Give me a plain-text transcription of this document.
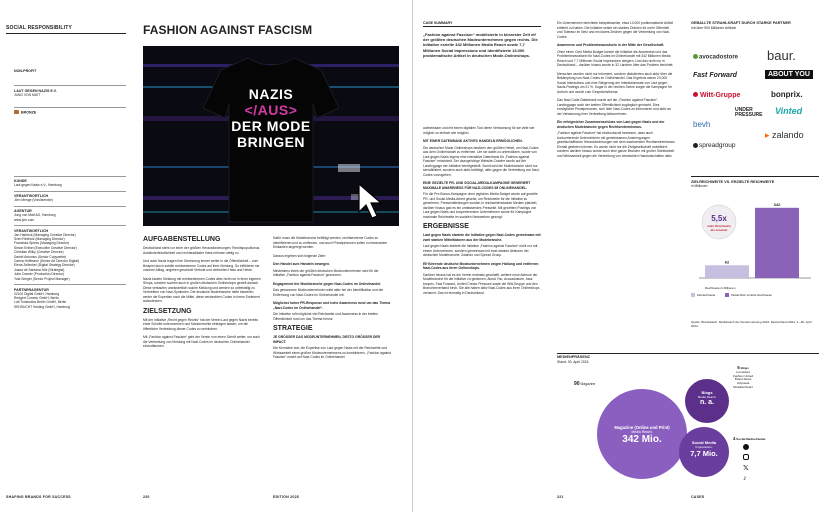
SOCIAL RESPONSIBILITY
NON-PROFIT
LAUT GEGEN NAZIS E.V.
JUNG VON MATT
BRONZE
KUNDE
Laut gegen Nazis e.V., Hamburg
VERANTWORTLICH
Jörn Menge (Vorsitzender)
AGENTUR
Jung von Matt AG, Hamburg
www.jvm.com
VERANTWORTLICH
Jan Harbeck (Managing Creative Director)
Sven Rebholz (Managing Director)
Franziska Spiess (Managing Director)
Simon Enthel (Executive Creative Director)
Christian Wilky (Creative Director)
Daniel Antonius (Senior Copywriter)
Carina Hoffmann (Senior Art Director Digital)
Elena Zellecker (Digital Strategy Director)
Joana de Santana Nitz (Strategist)
Julia Cramer (Production Director)
Yola Seeger (Senior Project Manager)
PARTNERAGENTUR
02100 Digital GmbH, Hamburg
Redgert Commu GmbH, Berlin
Loft Tonstudios Berlin GmbH, Berlin
SEHSUCHT Holding GmbH, Hamburg
FASHION AGAINST FASCISM
NAZIS
</AUS>
DER MODE
BRINGEN
AUFGABENSTELLUNG
Deutschland steht vor einer der größten Herausforderungen: Rechtspopulismus, Ausländerfeindlichkeit und rechtsradikaler Hass nehmen stetig zu.
Und auch Nazis tragen ihre Gesinnung immer weiter in die Öffentlichkeit – zum Beispiel durch subtile rechtsextreme Codes auf ihrer Kleidung. So infiltrieren sie unseren Alltag, ungehen geschickt Verbote und verbreiten Hass und Hetze.
Nazis kaufen Kleidung mit rechtsextremen Codes aber nicht nur in ihren eigenen Shops, sondern suchen auch in großen deutschen Onlineshops gezielt danach. Diese verkaufen unwissentlich solche Kleidung und werden so unfreiwillig zu Verbreitern von Nazi-Symbolen. Die deutsche Modebranche hatte bisweilen weder die Expertise noch die Mittel, diese versteckten Codes in ihrem Sortiment aufzudecken.
ZIELSETZUNG
Mit der Initiative „Recht gegen Rechts“ hat der Verein Laut gegen Nazis bereits erste Schritte unternommen und Markenrechte eintragen lassen, um die öffentliche Verbreitung dieser Codes zu verhindern.
Mit „Fashion against Fascism“ geht der Verein nun einen Schritt weiter, um auch die Verbreitung von Kleidung mit Nazi-Codes im deutschen Onlinehandel einzudämmen.
Dafür muss die Modebranche befähigt werden, rechtsextreme Codes zu identifizieren und zu entfernen, und auch Privatpersonen sollen zu bewusstem Einkaufen angeregt werden.
Daraus ergeben sich folgende Ziele:
Den Handel zum Handeln bewegen.
Mindestens eines der größten deutschen Modeunternehmen wird für die Initiative „Fashion against Fascism“ gewonnen.
Engagement der Modebranche gegen Nazi-Codes im Onlinehandel.
Das gewonnene Modeunternehmen wirkt aktiv bei der Identifikation und der Entfernung von Nazi-Codes im Onlinehandel mit.
Möglichst hoher PR-Response und hohe Awareness rund um das Thema „Nazi-Codes im Onlinehandel“.
Die Initiative ruft möglichst viel Reichweite und Awareness in der breiten Öffentlichkeit rund um das Thema hervor.
STRATEGIE
JE GRÖSSER DAS MODEUNTERNEHMEN, DESTO GRÖSSER DER IMPACT.
Die Kennidee war, die Expertise von Laut gegen Nazis mit der Reichweite und Wirksamkeit eines großen Modeunternehmens zu kombinieren. „Fashion against Fascism“ macht auf Nazi-Codes im Onlinehandel
SHAPING BRANDS FOR SUCCESS	220	EDITION 2025
CASE SUMMARY
„Fashion against Fascism“ mobilisierte in kürzester Zeit elf der größten deutschen Modeunternehmen gegen rechts. Die Initiative erzielte 342 Millionen Media Reach sowie 7,7 Millionen Social Impressions und identifizierte 13.000 problematische Artikel in deutschen Mode-Onlineshops.
aufmerksam und mit einem digitalen Tool deren Verbannung für sie viele wie möglich zu einfach wie möglich.
MIT EINER DATENBANK AKTIVES HANDELN ERMÖGLICHEN.
Die deutschen Mode-Onlineshops besitzen den größten Hebel, um Nazi-Codes aus dem Onlinehandel zu entfernen. Um sie dabei zu unterstützen, wurde von Laut gegen Nazis eigens eine interaktive Datenbank für „Fashion against Fascism“ entwickelt. Der dazugehörige Website-Crawler wurde auf der Landingpage der Initiative bereitgestellt. Somit wird die Modebranche nicht nur sensibilisiert, sondern auch aktiv befähigt, aktiv gegen die Verbreitung von Nazi-Codes vorzugehen.
EINE GEZIELTE PR- UND SOCIAL-MEDIA-KAMPAGNE GENERIERT MAXIMALE AWARENESS FÜR NAZI-CODES IM ONLINEHANDEL.
Für die Pre-Bonus-Kampagne ohne jegliches Media Budget wurde auf gezielte PR- und Social-Media-Arbeit gesetzt, um Reichweite für die Initiative zu generieren. Pressemitteilungen wurden in reichweitenstarken Medien platziert, darüber hinaus gab es ein umfassendes Pressekit. Mit gezielten Postings von Laut gegen Nazis und kooperierenden Unternehmen wurde für Kampagne maximale Reichweite im sozialen Netzwerken gesorgt.
ERGEBNISSE
Laut gegen Nazis startete die Initiative gegen Nazi-Codes gemeinsam mit zwei starken Mitinitiatoren aus der Modebranche.
Laut gegen Nazis startete die Initiative „Fashion against Fascism“ nicht nur mit einem Unternehmen, sondern gemeinsam mit zwei starken Akteuren der deutschen Modebranche: Zalando und Spread Group.
Elf führende deutsche Modeunternehmen zeigen Haltung und entfernen Nazi-Codes aus ihren Onlineshops.
Darüber hinaus hat es der Verein erstmals geschafft, weitere neue Akteure der Modebranche für die Initiative zu gewinnen: About You, Avocadostore, baur, bonprix, Fast Forward, United Credor Pressure sowie die Witt-Gruppe und den Branchenverband bevh. Sie alle haben aktiv Nazi-Codes aus ihren Onlineshops verbannt. Das ist einmalig in Deutschland.
Ein Unternehmen berichtete beispielsweise, etwa 13.000 problematische Artikel entfernt zu haben. Die Initiative setzte ein starkes Zeichen für mehr Offenheit und Toleranz im Netz und ein klares Zeichen gegen die Verbreitung von Nazi-Codes.
Awareness und Problembewusstsein in der Mitte der Gesellschaft.
Ohne einen Cent Media Budget konnte die Initiative die Awareness und das Problembewusstsein für Nazi-Codes im Onlinehandel mit 342 Millionen Media Reach und 7,7 Millionen Social Impressions steigern. Und das nicht nur in Deutschland – darüber hinaus wurde in 32 Ländern über das Problem berichtet.
Menschen wurden nicht nur informiert, sondern diskutierten auch aktiv über die Bekämpfung von Nazi-Codes im Onlinehandel. Das Ergebnis waren 23.000 Social Interactions und eine Steigerung der Interaktionsrate von Laut gegen Nazis-Postings um 21 %. Sogar in der rechten Szene sorgte die Kampagne für Aufruhr und wurde zum Gesprächsthema.
Das Nazi-Code-Datenbank wurde auf der „Fashion against Fascism“-Landingpage auch der breiten Öffentlichkeit zugänglich gemacht. Dies ermöglichte Privatpersonen, sich über Nazi-Codes zu informieren und aktiv an der Verbannung ihrer Verbreitung teilzunehmen.
Ein erfolgreicher Zusammenschluss von Laut gegen Nazis und der deutschen Modebranche gegen Rechtsextremismus.
„Fashion against Fascism“ hat eindrucksvoll bewiesen, dass auch konkurrierende Unternehmen mit gemeinsamen Anstrengungen gesellschaftlichen Herausforderungen wie dem wachsenden Rechtsextremismus Einhalt gebieten können. Es wurde nicht nur die Zivilgesellschaft mobilisiert, sondern darüber hinaus wurde auch eine ganze Branche mit großer Sichtbarkeit und Wirksamkeit gegen die Verbreitung von versteckten Hasshotschaften aktiv.
GEBALLTE STRAHLKRAFT DURCH STARKE PARTNER
mit über 900 Millionen Artikeln
avocadostore baur.
Fast Forward	ABOUT YOU
Witt-Gruppe	bonprix.
UNDER PRESSURE Vinted
bevh
▸ zalando
spreadgroup
ZIELREICHWEITE VS. ERZIELTE REICHWEITE
in Millionen
62
342
5,5x
mehr Reichweite
als erwartet
Reichweite in Millionen
Zielreichweite	Tatsächlich erzielte Reichweite
Quelle: Brandwatch, Mediareach der Social Listening 2024. Deutschland 2024, 4.–30. April 2024.
MEDIENPRÄSENZ
Stand: 30. April 2024
90 Magazine
Magazine (Online und Print)
Media Reach:
342 Mio.
Blogs
Media Reach:
n. a.
5 Blogs
Lumasbert
Fashion United
Brand-News
Odysseia
Modalischwarz
Social Media
Impressions:
7,7 Mio.
4 Social-Media-Kanäle

𝕏
♪
221	CASES
